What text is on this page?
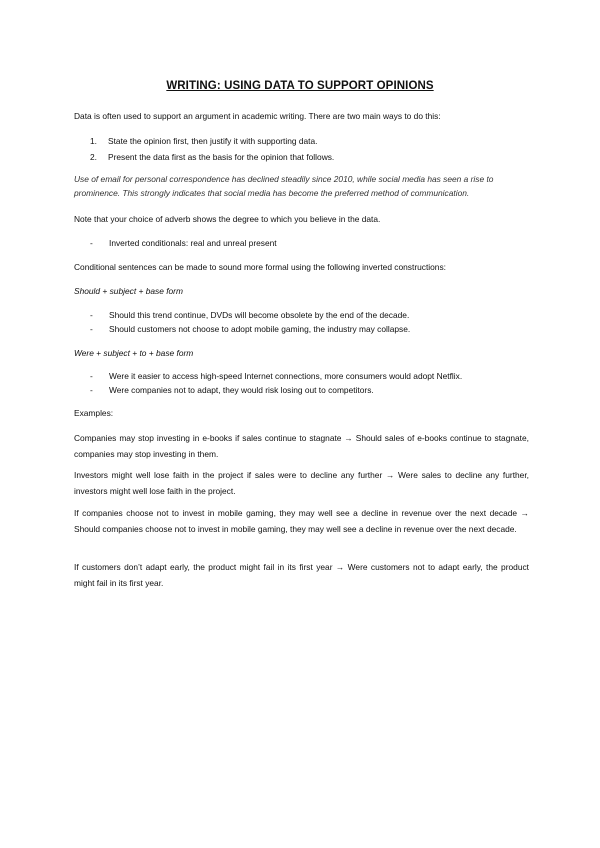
WRITING: USING DATA TO SUPPORT OPINIONS
Data is often used to support an argument in academic writing. There are two main ways to do this:
1. State the opinion first, then justify it with supporting data.
2. Present the data first as the basis for the opinion that follows.
Use of email for personal correspondence has declined steadily since 2010, while social media has seen a rise to prominence. This strongly indicates that social media has become the preferred method of communication.
Note that your choice of adverb shows the degree to which you believe in the data.
- Inverted conditionals: real and unreal present
Conditional sentences can be made to sound more formal using the following inverted constructions:
Should + subject + base form
- Should this trend continue, DVDs will become obsolete by the end of the decade.
- Should customers not choose to adopt mobile gaming, the industry may collapse.
Were + subject + to + base form
- Were it easier to access high-speed Internet connections, more consumers would adopt Netflix.
- Were companies not to adapt, they would risk losing out to competitors.
Examples:
Companies may stop investing in e-books if sales continue to stagnate → Should sales of e-books continue to stagnate, companies may stop investing in them.
Investors might well lose faith in the project if sales were to decline any further → Were sales to decline any further, investors might well lose faith in the project.
If companies choose not to invest in mobile gaming, they may well see a decline in revenue over the next decade → Should companies choose not to invest in mobile gaming, they may well see a decline in revenue over the next decade.
If customers don’t adapt early, the product might fail in its first year → Were customers not to adapt early, the product might fail in its first year.
